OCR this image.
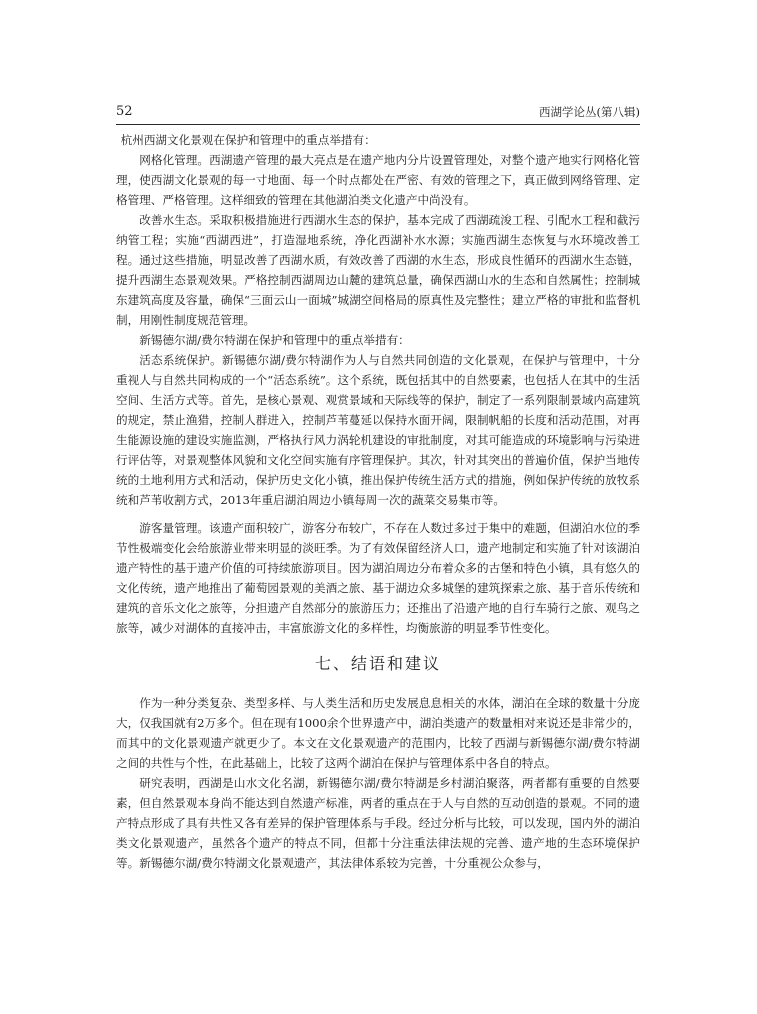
52	西湖学论丛(第八辑)

杭州西湖文化景观在保护和管理中的重点举措有：

网格化管理。西湖遗产管理的最大亮点是在遗产地内分片设置管理处，对整个遗产地实行网格化管理，使西湖文化景观的每一寸地面、每一个时点都处在严密、有效的管理之下，真正做到网络管理、定格管理、严格管理。这样细致的管理在其他湖泊类文化遗产中尚没有。

改善水生态。采取积极措施进行西湖水生态的保护，基本完成了西湖疏浚工程、引配水工程和截污纳管工程；实施“西湖西进”，打造湿地系统，净化西湖补水水源；实施西湖生态恢复与水环境改善工程。通过这些措施，明显改善了西湖水质，有效改善了西湖的水生态，形成良性循环的西湖水生态链，提升西湖生态景观效果。严格控制西湖周边山麓的建筑总量，确保西湖山水的生态和自然属性；控制城东建筑高度及容量，确保“三面云山一面城”城湖空间格局的原真性及完整性；建立严格的审批和监督机制，用刚性制度规范管理。

新锡德尔湖/费尔特湖在保护和管理中的重点举措有：

活态系统保护。新锡德尔湖/费尔特湖作为人与自然共同创造的文化景观，在保护与管理中，十分重视人与自然共同构成的一个“活态系统”。这个系统，既包括其中的自然要素，也包括人在其中的生活空间、生活方式等。首先，是核心景观、观赏景域和天际线等的保护，制定了一系列限制景域内高建筑的规定，禁止渔猎，控制人群进入，控制芦苇蔓延以保持水面开阔，限制帆船的长度和活动范围，对再生能源设施的建设实施监测，严格执行风力涡轮机建设的审批制度，对其可能造成的环境影响与污染进行评估等，对景观整体风貌和文化空间实施有序管理保护。其次，针对其突出的普遍价值，保护当地传统的土地利用方式和活动，保护历史文化小镇，推出保护传统生活方式的措施，例如保护传统的放牧系统和芦苇收割方式，2013年重启湖泊周边小镇每周一次的蔬菜交易集市等。

游客量管理。该遗产面积较广，游客分布较广，不存在人数过多过于集中的难题，但湖泊水位的季节性极端变化会给旅游业带来明显的淡旺季。为了有效保留经济人口，遗产地制定和实施了针对该湖泊遗产特性的基于遗产价值的可持续旅游项目。因为湖泊周边分布着众多的古堡和特色小镇，具有悠久的文化传统，遗产地推出了葡萄园景观的美酒之旅、基于湖边众多城堡的建筑探索之旅、基于音乐传统和建筑的音乐文化之旅等，分担遗产自然部分的旅游压力；还推出了沿遗产地的自行车骑行之旅、观鸟之旅等，减少对湖体的直接冲击，丰富旅游文化的多样性，均衡旅游的明显季节性变化。

七、结语和建议

作为一种分类复杂、类型多样、与人类生活和历史发展息息相关的水体，湖泊在全球的数量十分庞大，仅我国就有2万多个。但在现有1000余个世界遗产中，湖泊类遗产的数量相对来说还是非常少的，而其中的文化景观遗产就更少了。本文在文化景观遗产的范围内，比较了西湖与新锡德尔湖/费尔特湖之间的共性与个性，在此基础上，比较了这两个湖泊在保护与管理体系中各自的特点。

研究表明，西湖是山水文化名湖，新锡德尔湖/费尔特湖是乡村湖泊聚落，两者都有重要的自然要素，但自然景观本身尚不能达到自然遗产标准，两者的重点在于人与自然的互动创造的景观。不同的遗产特点形成了具有共性又各有差异的保护管理体系与手段。经过分析与比较，可以发现，国内外的湖泊类文化景观遗产，虽然各个遗产的特点不同，但都十分注重法律法规的完善、遗产地的生态环境保护等。新锡德尔湖/费尔特湖文化景观遗产，其法律体系较为完善，十分重视公众参与，
